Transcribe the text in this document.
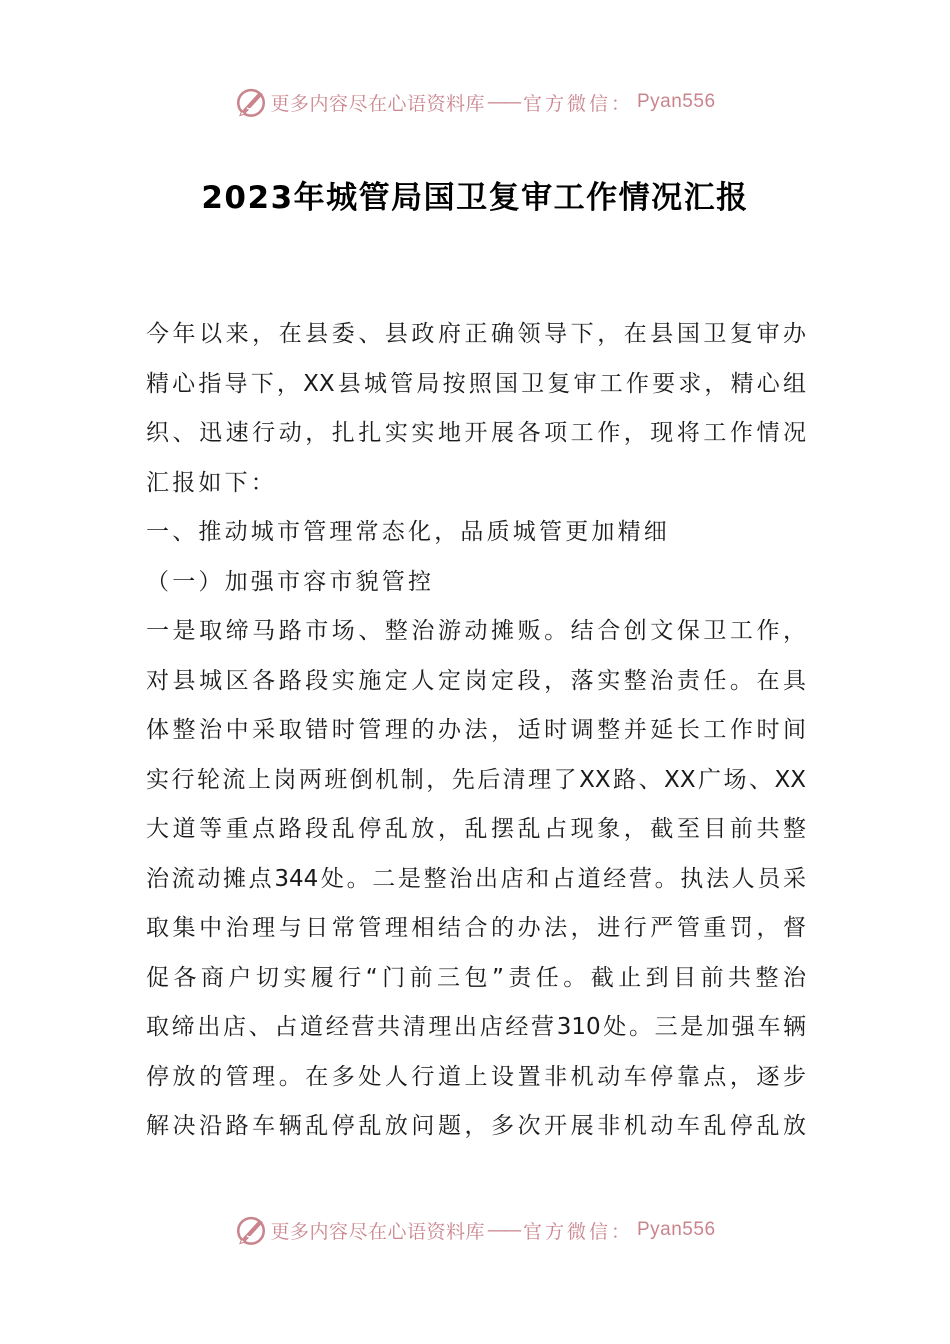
更多内容尽在心语资料库 —— 官方微信： Pyan556
2023年城管局国卫复审工作情况汇报
今年以来，在县委、县政府正确领导下，在县国卫复审办
精心指导下，XX县城管局按照国卫复审工作要求，精心组
织、迅速行动，扎扎实实地开展各项工作，现将工作情况
汇报如下：
一、推动城市管理常态化，品质城管更加精细
（一）加强市容市貌管控
一是取缔马路市场、整治游动摊贩。结合创文保卫工作，
对县城区各路段实施定人定岗定段，落实整治责任。在具
体整治中采取错时管理的办法，适时调整并延长工作时间
实行轮流上岗两班倒机制，先后清理了XX路、XX广场、XX
大道等重点路段乱停乱放，乱摆乱占现象，截至目前共整
治流动摊点344处。二是整治出店和占道经营。执法人员采
取集中治理与日常管理相结合的办法，进行严管重罚，督
促各商户切实履行“门前三包”责任。截止到目前共整治
取缔出店、占道经营共清理出店经营310处。三是加强车辆
停放的管理。在多处人行道上设置非机动车停靠点，逐步
解决沿路车辆乱停乱放问题，多次开展非机动车乱停乱放
更多内容尽在心语资料库 —— 官方微信： Pyan556
